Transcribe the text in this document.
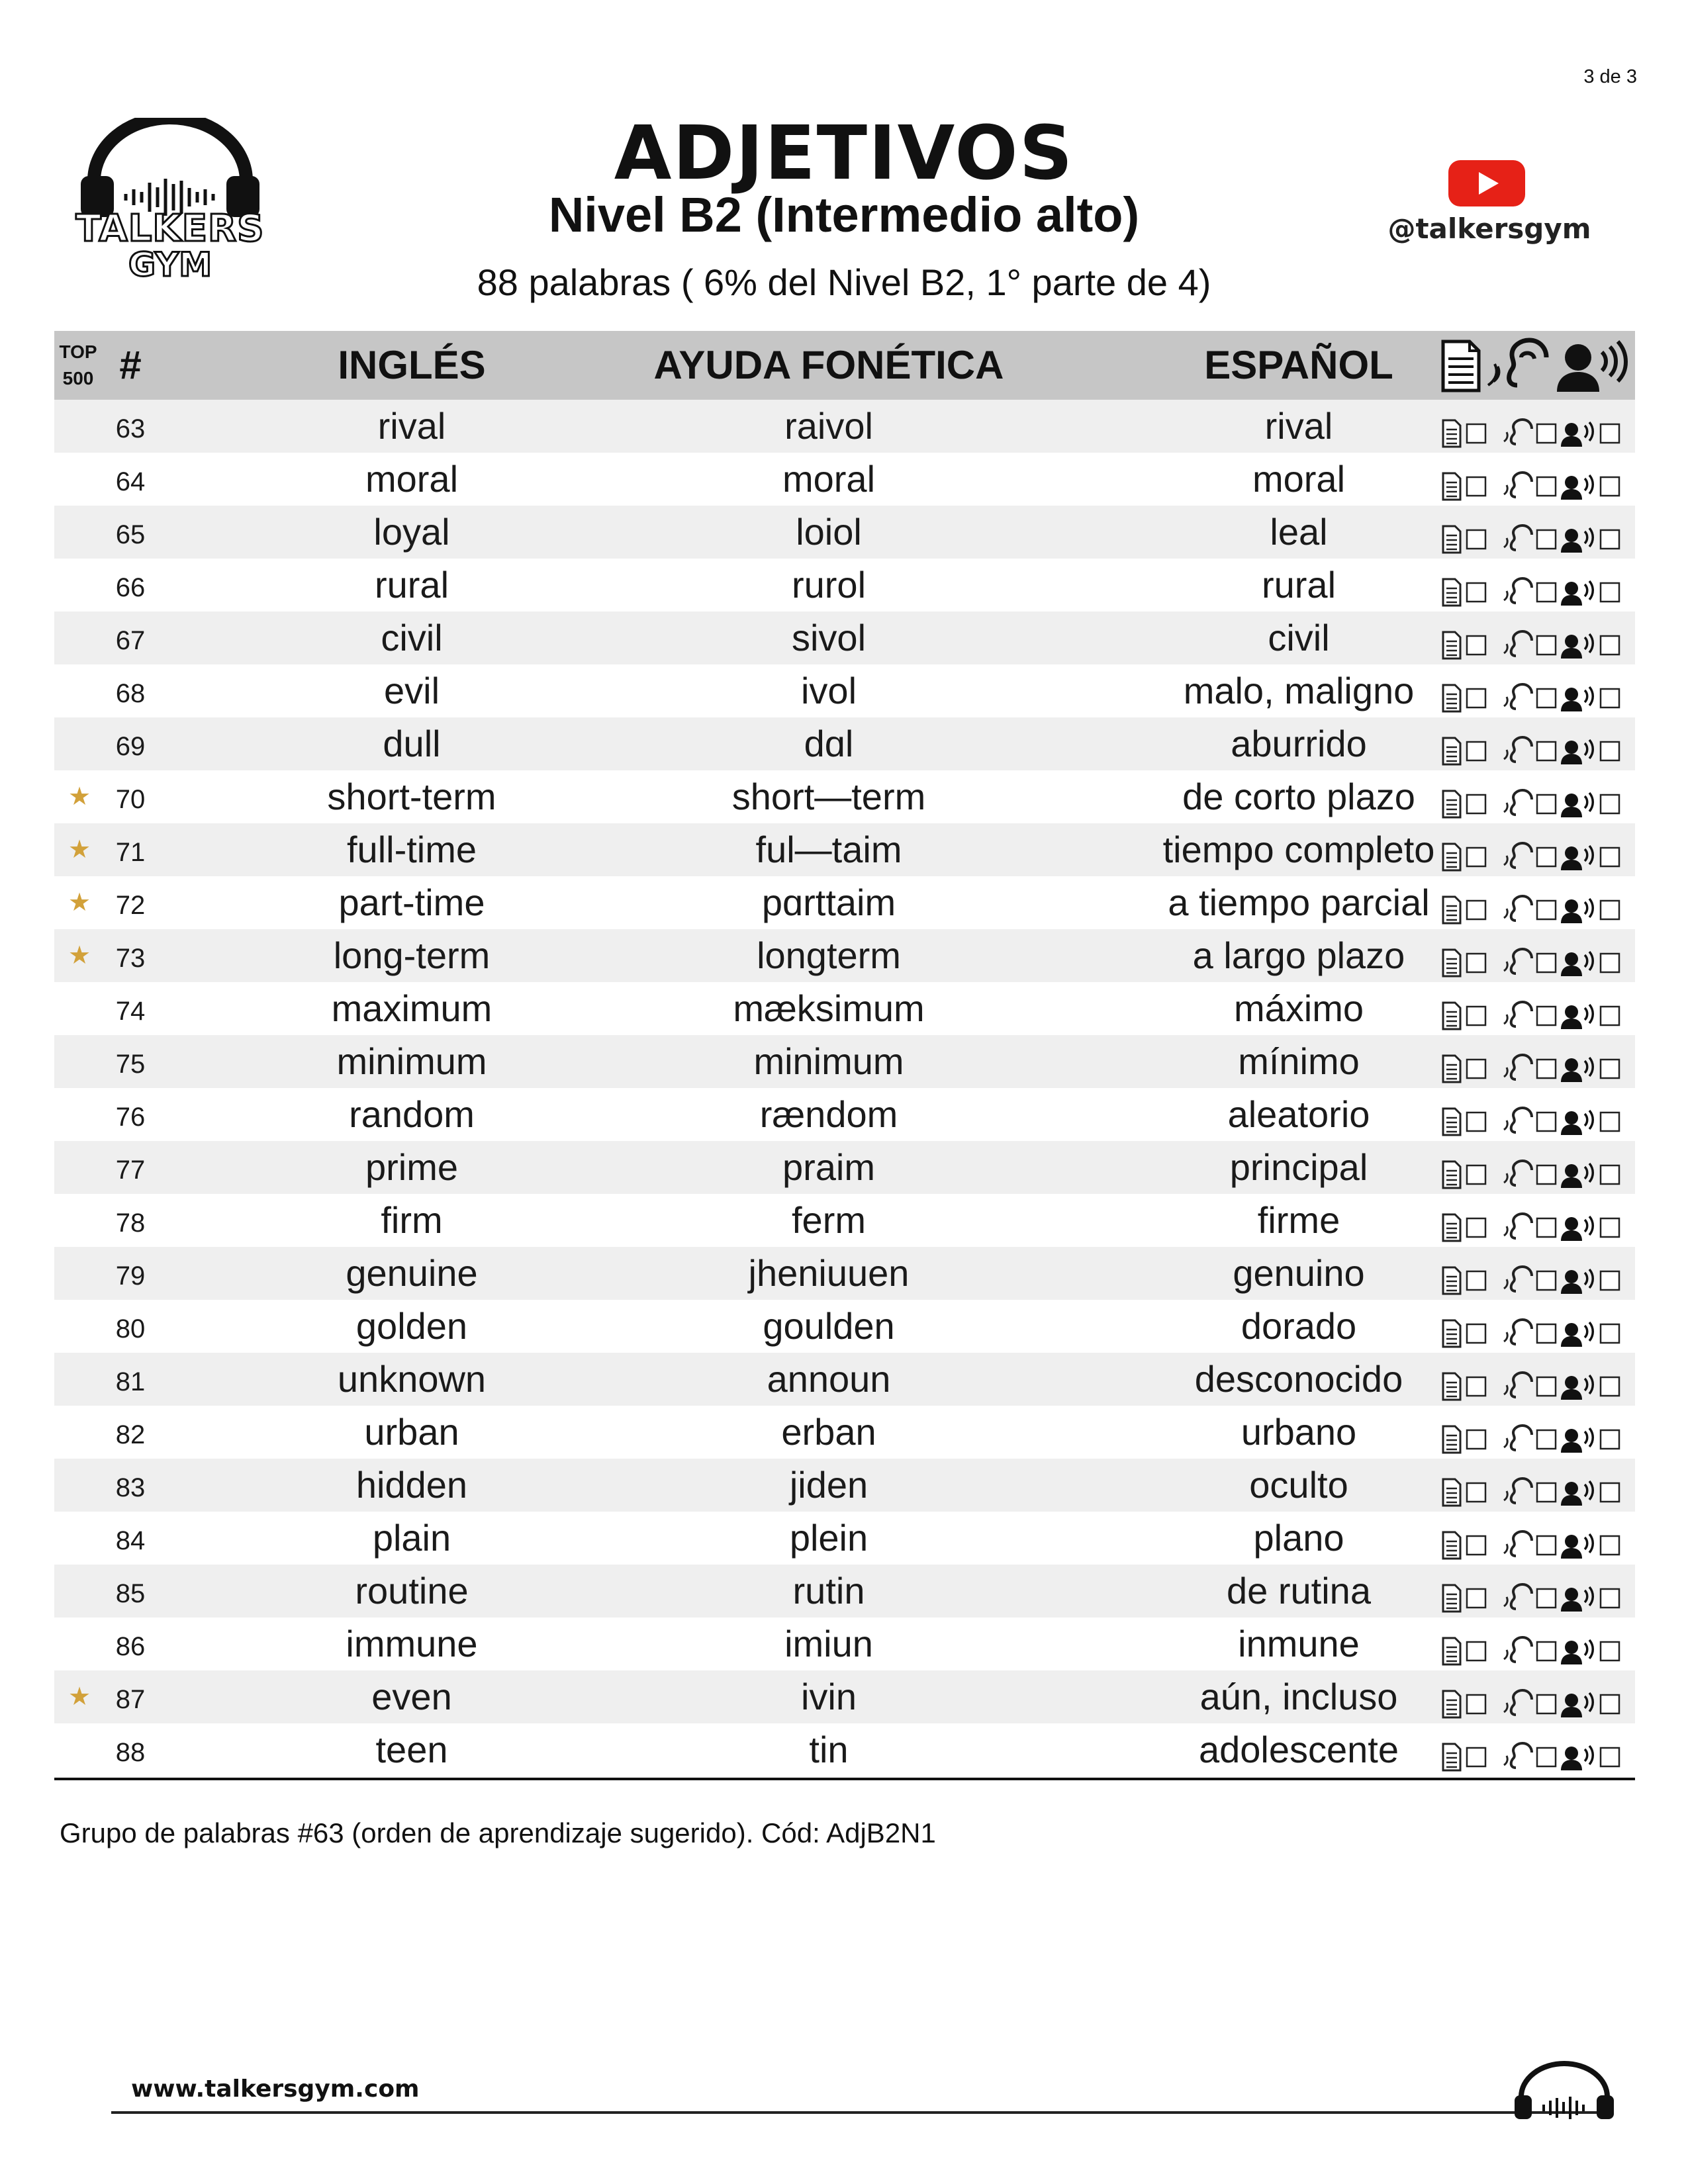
3 de 3
TALKERS
GYM
ADJETIVOS
Nivel B2 (Intermedio alto)
88 palabras ( 6% del Nivel B2, 1° parte de 4)
@talkersgym
TOP
500 #	INGLÉS	AYUDA FONÉTICA	ESPAÑOL
63	rival	raivol	rival
64	moral	moral	moral
65	loyal	loiol	leal
66	rural	rurol	rural
67	civil	sivol	civil
68	evil	ivol	malo, maligno
69	dull	dɑl	aburrido
★ 70	short-term	short—term	de corto plazo
★ 71	full-time	ful—taim	tiempo completo
★ 72	part-time	pɑrttaim	a tiempo parcial
★ 73	long-term	longterm	a largo plazo
74	maximum	mæksimum	máximo
75	minimum	minimum	mínimo
76	random	rændom	aleatorio
77	prime	praim	principal
78	firm	ferm	firme
79	genuine	jheniuuen	genuino
80	golden	goulden	dorado
81	unknown	announ	desconocido
82	urban	erban	urbano
83	hidden	jiden	oculto
84	plain	plein	plano
85	routine	rutin	de rutina
86	immune	imiun	inmune
★ 87	even	ivin	aún, incluso
88	teen	tin	adolescente
Grupo de palabras #63 (orden de aprendizaje sugerido). Cód: AdjB2N1
www.talkersgym.com
